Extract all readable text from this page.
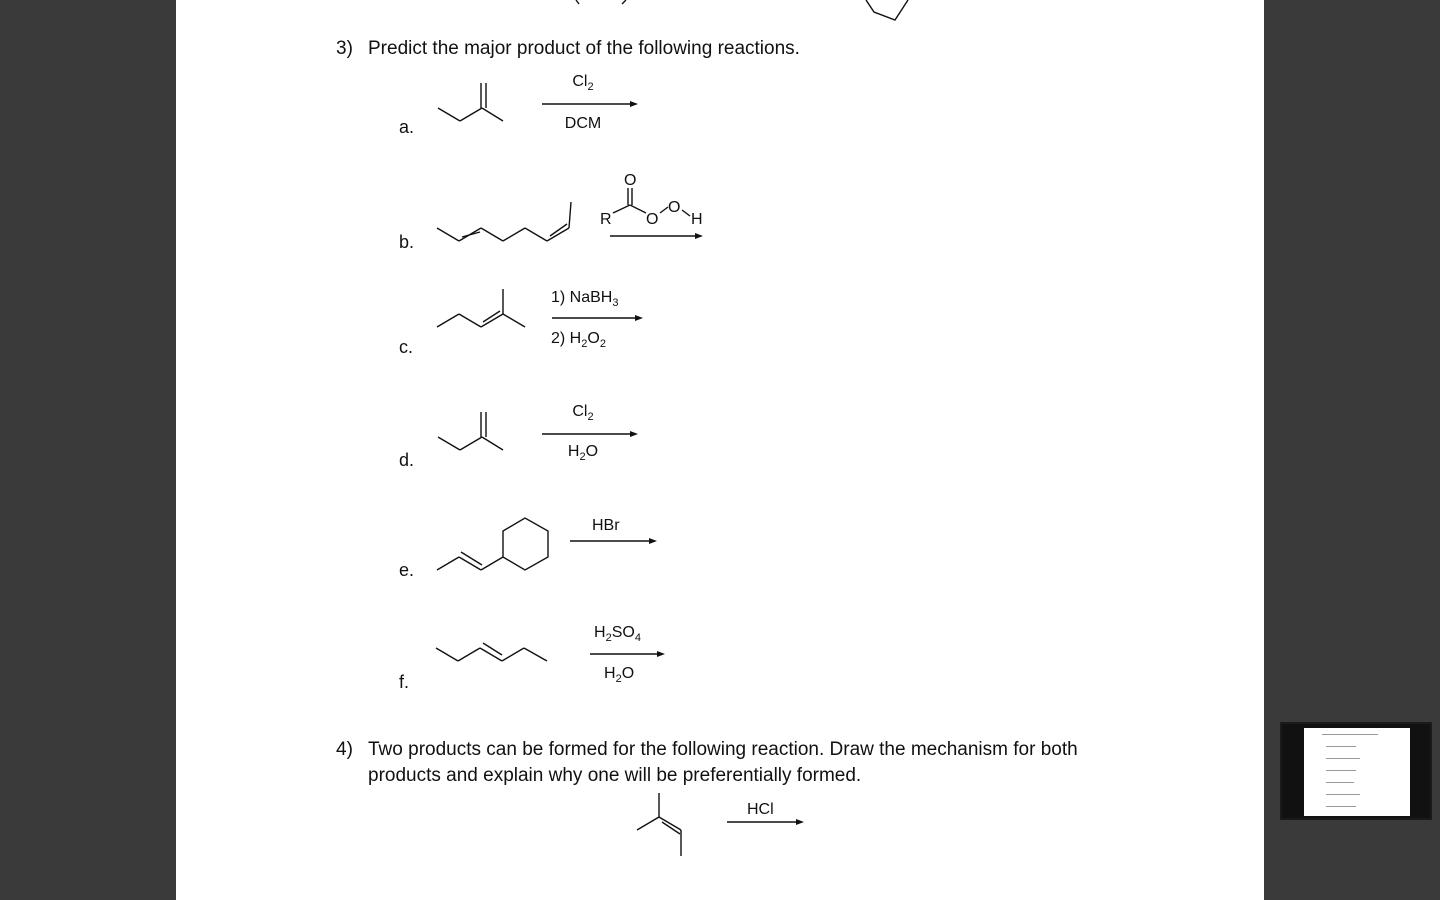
3) Predict the major product of the following reactions.
a.
b.
c.
d.
e.
f.
$Cl_2$
DCM
R
O
O
O
H
1) NaBH$_3$
2) $H_2O_2$
$Cl_2$
$H_2O$
HBr
$H_2SO_4$
$H_2O$
4) Two products can be formed for the following reaction. Draw the mechanism for both
products and explain why one will be preferentially formed.
HCl
